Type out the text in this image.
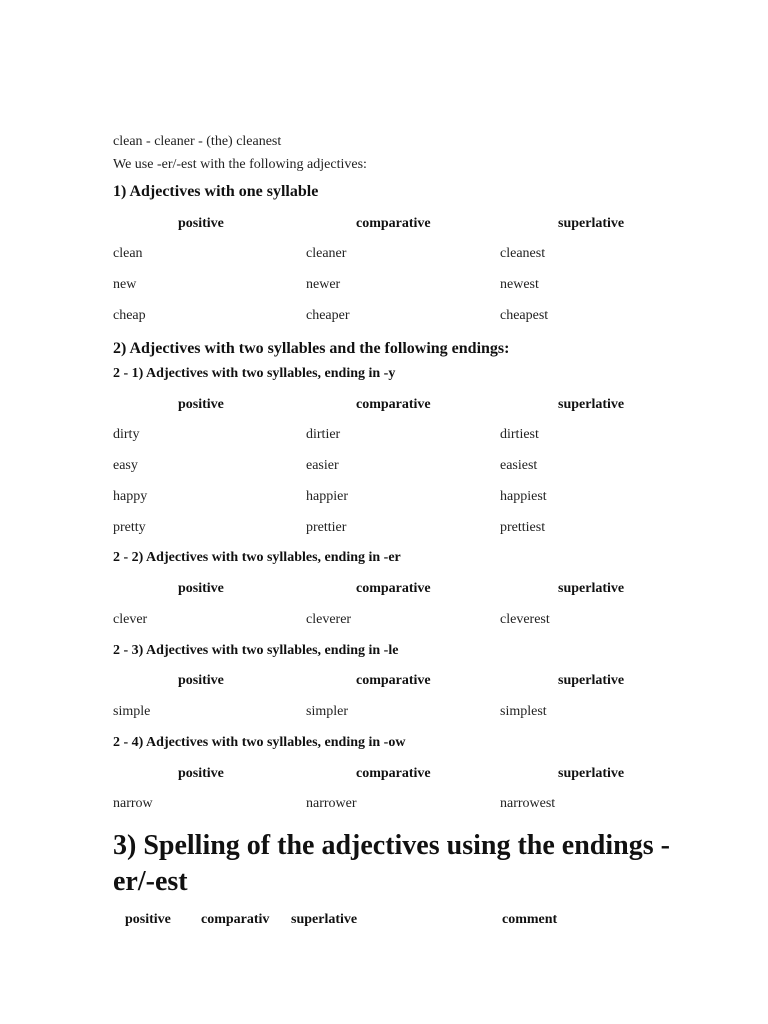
clean - cleaner - (the) cleanest
We use -er/-est with the following adjectives:
1) Adjectives with one syllable
positive	comparative	superlative
clean	cleaner	cleanest
new	newer	newest
cheap	cheaper	cheapest
2) Adjectives with two syllables and the following endings:
2 - 1) Adjectives with two syllables, ending in -y
positive	comparative	superlative
dirty	dirtier	dirtiest
easy	easier	easiest
happy	happier	happiest
pretty	prettier	prettiest
2 - 2) Adjectives with two syllables, ending in -er
positive	comparative	superlative
clever	cleverer	cleverest
2 - 3) Adjectives with two syllables, ending in -le
positive	comparative	superlative
simple	simpler	simplest
2 - 4) Adjectives with two syllables, ending in -ow
positive	comparative	superlative
narrow	narrower	narrowest
3) Spelling of the adjectives using the endings -er/-est
positive comparativ superlative	comment
